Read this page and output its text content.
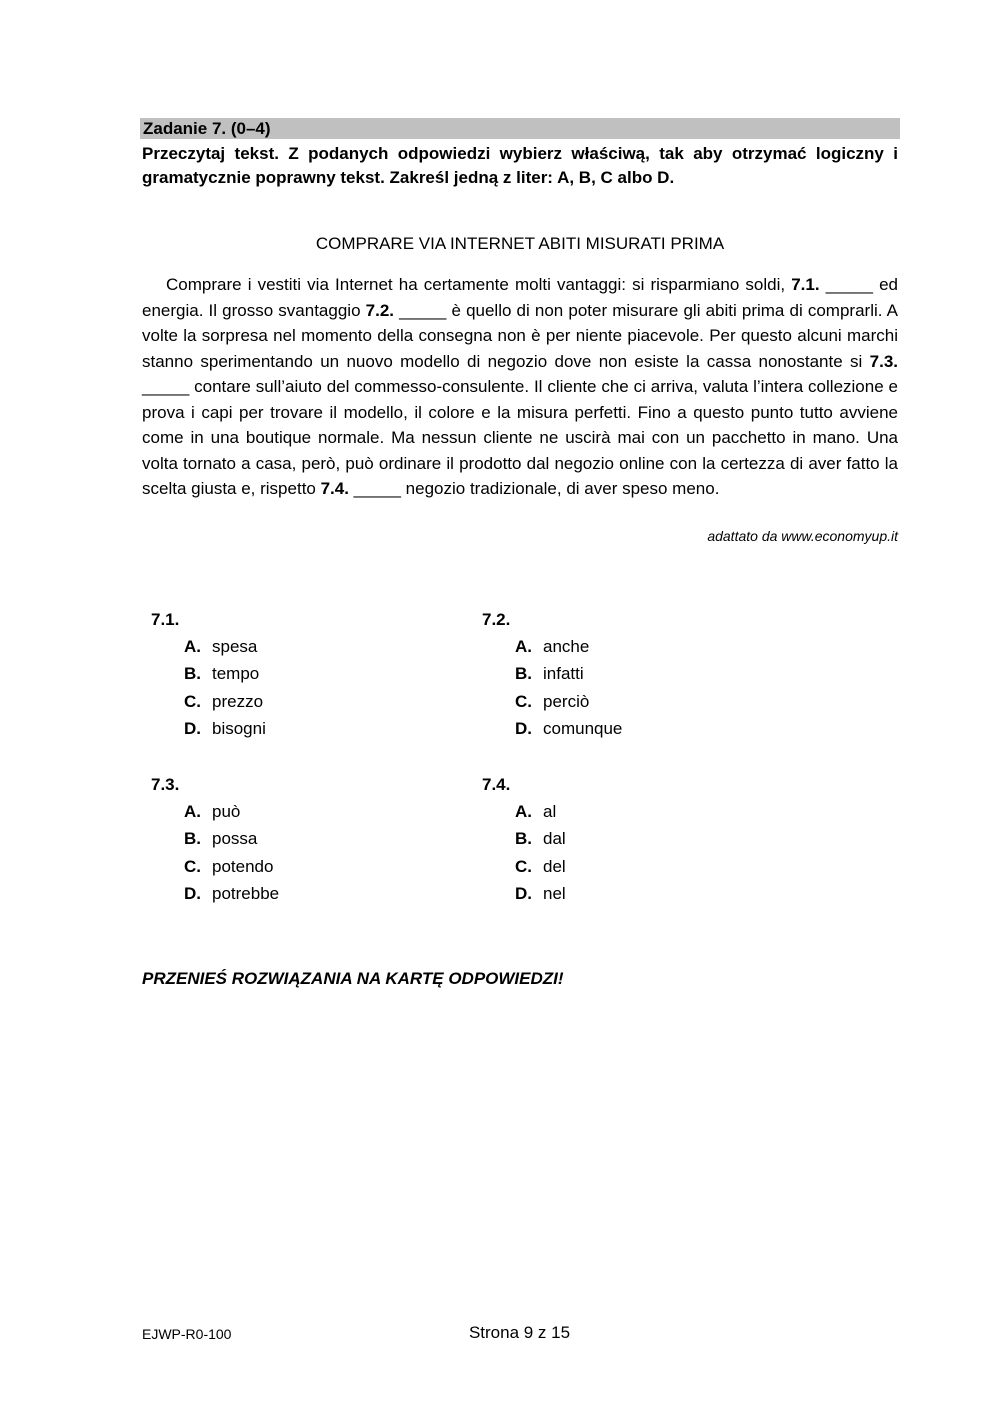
Zadanie 7. (0–4)
Przeczytaj tekst. Z podanych odpowiedzi wybierz właściwą, tak aby otrzymać logiczny i gramatycznie poprawny tekst. Zakreśl jedną z liter: A, B, C albo D.
COMPRARE VIA INTERNET ABITI MISURATI PRIMA
Comprare i vestiti via Internet ha certamente molti vantaggi: si risparmiano soldi, 7.1. _____ ed energia. Il grosso svantaggio 7.2. _____ è quello di non poter misurare gli abiti prima di comprarli. A volte la sorpresa nel momento della consegna non è per niente piacevole. Per questo alcuni marchi stanno sperimentando un nuovo modello di negozio dove non esiste la cassa nonostante si 7.3. _____ contare sull’aiuto del commesso-consulente. Il cliente che ci arriva, valuta l’intera collezione e prova i capi per trovare il modello, il colore e la misura perfetti. Fino a questo punto tutto avviene come in una boutique normale. Ma nessun cliente ne uscirà mai con un pacchetto in mano. Una volta tornato a casa, però, può ordinare il prodotto dal negozio online con la certezza di aver fatto la scelta giusta e, rispetto 7.4. _____ negozio tradizionale, di aver speso meno.
adattato da www.economyup.it
7.1.
A. spesa
B. tempo
C. prezzo
D. bisogni
7.2.
A. anche
B. infatti
C. perciò
D. comunque
7.3.
A. può
B. possa
C. potendo
D. potrebbe
7.4.
A. al
B. dal
C. del
D. nel
PRZENIEŚ ROZWIĄZANIA NA KARTĘ ODPOWIEDZI!
EJWP-R0-100	Strona 9 z 15
